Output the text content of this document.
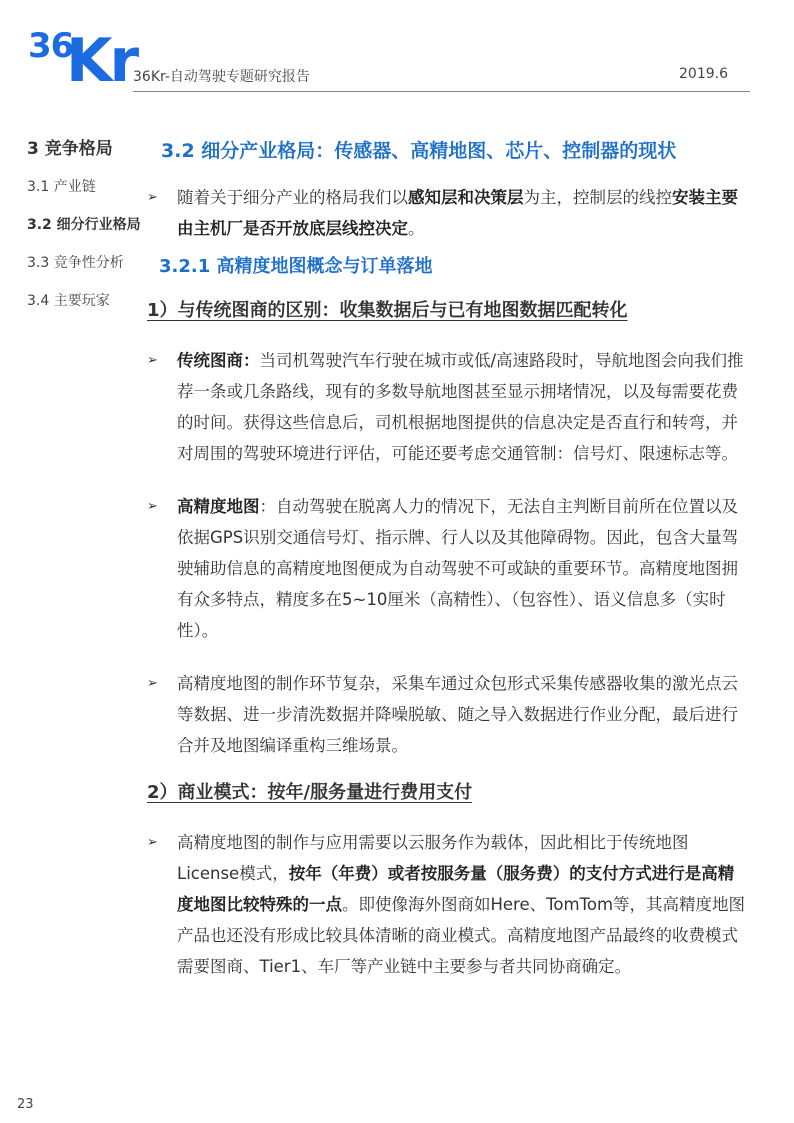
36
Kr
36Kr-自动驾驶专题研究报告	2019.6
3 竞争格局
3.1 产业链
3.2 细分行业格局
3.3 竞争性分析
3.4 主要玩家
3.2 细分产业格局：传感器、高精地图、芯片、控制器的现状
➢ 随着关于细分产业的格局我们以感知层和决策层为主，控制层的线控安装主要由主机厂是否开放底层线控决定。
3.2.1 高精度地图概念与订单落地
1）与传统图商的区别：收集数据后与已有地图数据匹配转化
➢ 传统图商：当司机驾驶汽车行驶在城市或低/高速路段时，导航地图会向我们推荐一条或几条路线，现有的多数导航地图甚至显示拥堵情况，以及每需要花费的时间。获得这些信息后，司机根据地图提供的信息决定是否直行和转弯，并对周围的驾驶环境进行评估，可能还要考虑交通管制：信号灯、限速标志等。
➢ 高精度地图：自动驾驶在脱离人力的情况下，无法自主判断目前所在位置以及依据GPS识别交通信号灯、指示牌、行人以及其他障碍物。因此，包含大量驾驶辅助信息的高精度地图便成为自动驾驶不可或缺的重要环节。高精度地图拥有众多特点，精度多在5~10厘米（高精性）、（包容性）、语义信息多（实时性）。
➢ 高精度地图的制作环节复杂，采集车通过众包形式采集传感器收集的激光点云等数据、进一步清洗数据并降噪脱敏、随之导入数据进行作业分配，最后进行合并及地图编译重构三维场景。
2）商业模式：按年/服务量进行费用支付
➢ 高精度地图的制作与应用需要以云服务作为载体，因此相比于传统地图License模式，按年（年费）或者按服务量（服务费）的支付方式进行是高精度地图比较特殊的一点。即使像海外图商如Here、TomTom等，其高精度地图产品也还没有形成比较具体清晰的商业模式。高精度地图产品最终的收费模式需要图商、Tier1、车厂等产业链中主要参与者共同协商确定。
23
